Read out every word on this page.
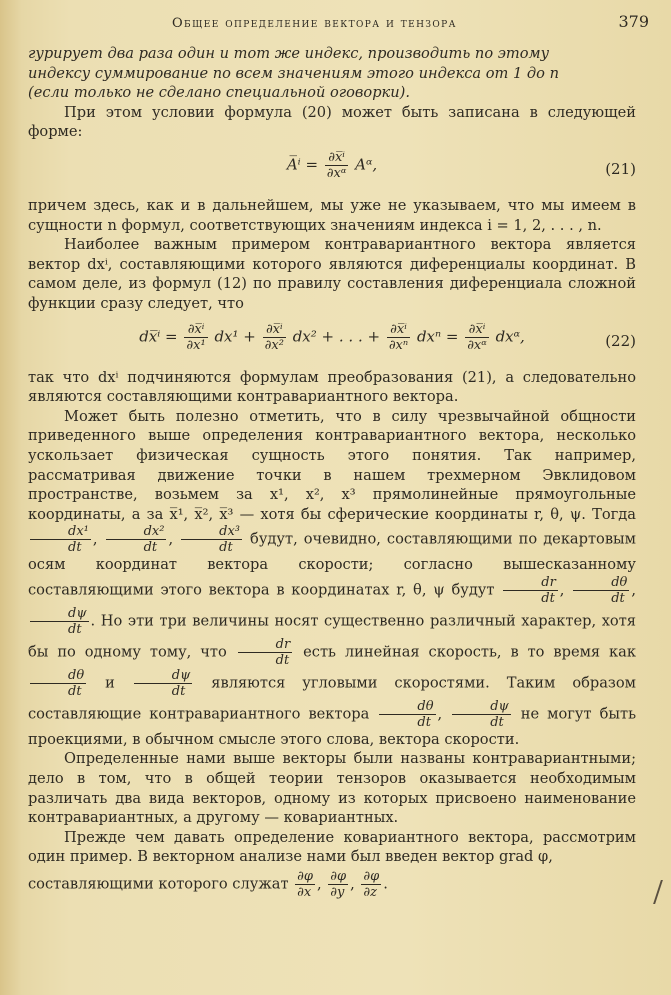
Общее определение вектора и тензора	379

гурирует два раза один и тот же индекс, производить по этому
индексу суммирование по всем значениям этого индекса от 1 до n
(если только не сделано специальной оговорки).

При этом условии формула (20) может быть записана в следующей форме:

A̅ⁱ = $\frac{\text{∂x̅ⁱ}}{\text{∂xᵅ}}$ Aᵅ,	(21)

причем здесь, как и в дальнейшем, мы уже не указываем, что мы имеем в сущности n формул, соответствующих значениям индекса i = 1, 2, . . . , n.

Наиболее важным примером контравариантного вектора является вектор dxⁱ, составляющими которого являются диференциалы координат. В самом деле, из формул (12) по правилу составления диференциала сложной функции сразу следует, что

dx̅ⁱ = $\frac{\text{∂x̅ⁱ}}{\text{∂x¹}} dx^1 + \frac{\text{∂x̅ⁱ}}{\text{∂x²}} dx^2$ + . . . + $\frac{\text{∂x̅ⁱ}}{\text{∂xⁿ}}$ $dx^n = \frac{\text{∂x̅ⁱ}}{\text{∂xᵅ}}$ dxᵅ,	(22)

так что dxⁱ подчиняются формулам преобразования (21), а следовательно являются составляющими контравариантного вектора.

Может быть полезно отметить, что в силу чрезвычайной общности приведенного выше определения контравариантного вектора, несколько ускользает физическая сущность этого понятия. Так например, рассматривая движение точки в нашем трехмерном Эвклидовом пространстве, возьмем за x¹, x², x³ прямолинейные прямоугольные координаты, а за x̅¹, x̅², x̅³ — хотя бы сферические координаты r, θ, ψ. Тогда
$\frac{\text{dx¹}}{dt}$ , $\frac{\text{dx²}}{dt}$ , $\frac{\text{dx³}}{dt}$ будут, очевидно, составляющими по декартовым осям координат вектора скорости; согласно вышесказанному составляющими этого вектора в координатах r, θ, ψ будут $\frac{dr}{dt}$ , $\frac{d\theta}{dt}$ ,
$\frac{d\psi}{dt}$ . Но эти три величины носят существенно различный характер, хотя бы по одному тому, что $\frac{dr}{dt}$ есть линейная скорость, в то время как
$\frac{d\theta}{dt}$ и $\frac{d\psi}{dt}$ являются угловыми скоростями. Таким образом составляющие контравариантного вектора $\frac{d\theta}{dt}$ , $\frac{d\psi}{dt}$ не могут быть проекциями, в обычном смысле этого слова, вектора скорости.

Определенные нами выше векторы были названы контравариантными; дело в том, что в общей теории тензоров оказывается необходимым различать два вида векторов, одному из которых присвоено наименование контравариантных, а другому — ковариантных.

Прежде чем давать определение ковариантного вектора, рассмотрим один пример. В векторном анализе нами был введен вектор grad φ,

составляющими которого служат $\frac{\partial\varphi}{\partial x}$ , $\frac{\partial\varphi}{\partial y}$ , $\frac{\partial\varphi}{\partial z}$ .
